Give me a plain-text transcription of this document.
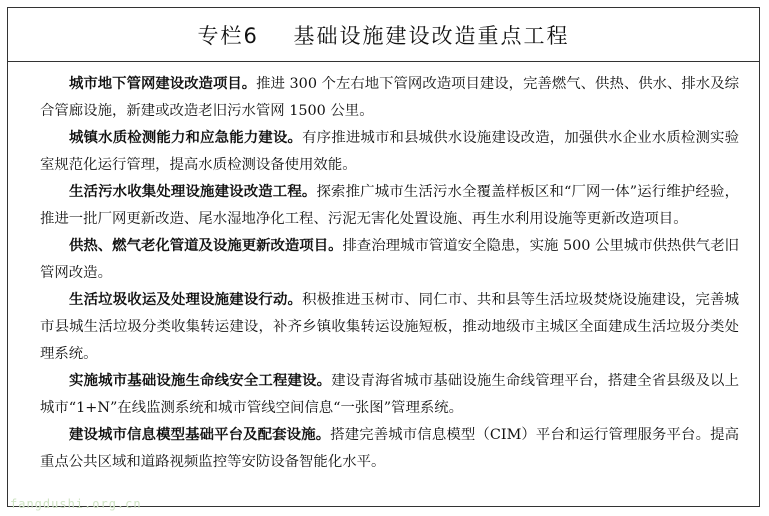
专栏6    基础设施建设改造重点工程

城市地下管网建设改造项目。推进 300 个左右地下管网改造项目建设，完善燃气、供热、供水、排水及综合管廊设施，新建或改造老旧污水管网 1500 公里。

城镇水质检测能力和应急能力建设。有序推进城市和县城供水设施建设改造，加强供水企业水质检测实验室规范化运行管理，提高水质检测设备使用效能。

生活污水收集处理设施建设改造工程。探索推广城市生活污水全覆盖样板区和“厂网一体”运行维护经验，推进一批厂网更新改造、尾水湿地净化工程、污泥无害化处置设施、再生水利用设施等更新改造项目。

供热、燃气老化管道及设施更新改造项目。排查治理城市管道安全隐患，实施 500 公里城市供热供气老旧管网改造。

生活垃圾收运及处理设施建设行动。积极推进玉树市、同仁市、共和县等生活垃圾焚烧设施建设，完善城市县城生活垃圾分类收集转运建设，补齐乡镇收集转运设施短板，推动地级市主城区全面建成生活垃圾分类处理系统。

实施城市基础设施生命线安全工程建设。建设青海省城市基础设施生命线管理平台，搭建全省县级及以上城市“1+N”在线监测系统和城市管线空间信息“一张图”管理系统。

建设城市信息模型基础平台及配套设施。搭建完善城市信息模型（CIM）平台和运行管理服务平台。提高重点公共区域和道路视频监控等安防设备智能化水平。

fangdushi.org.cn
